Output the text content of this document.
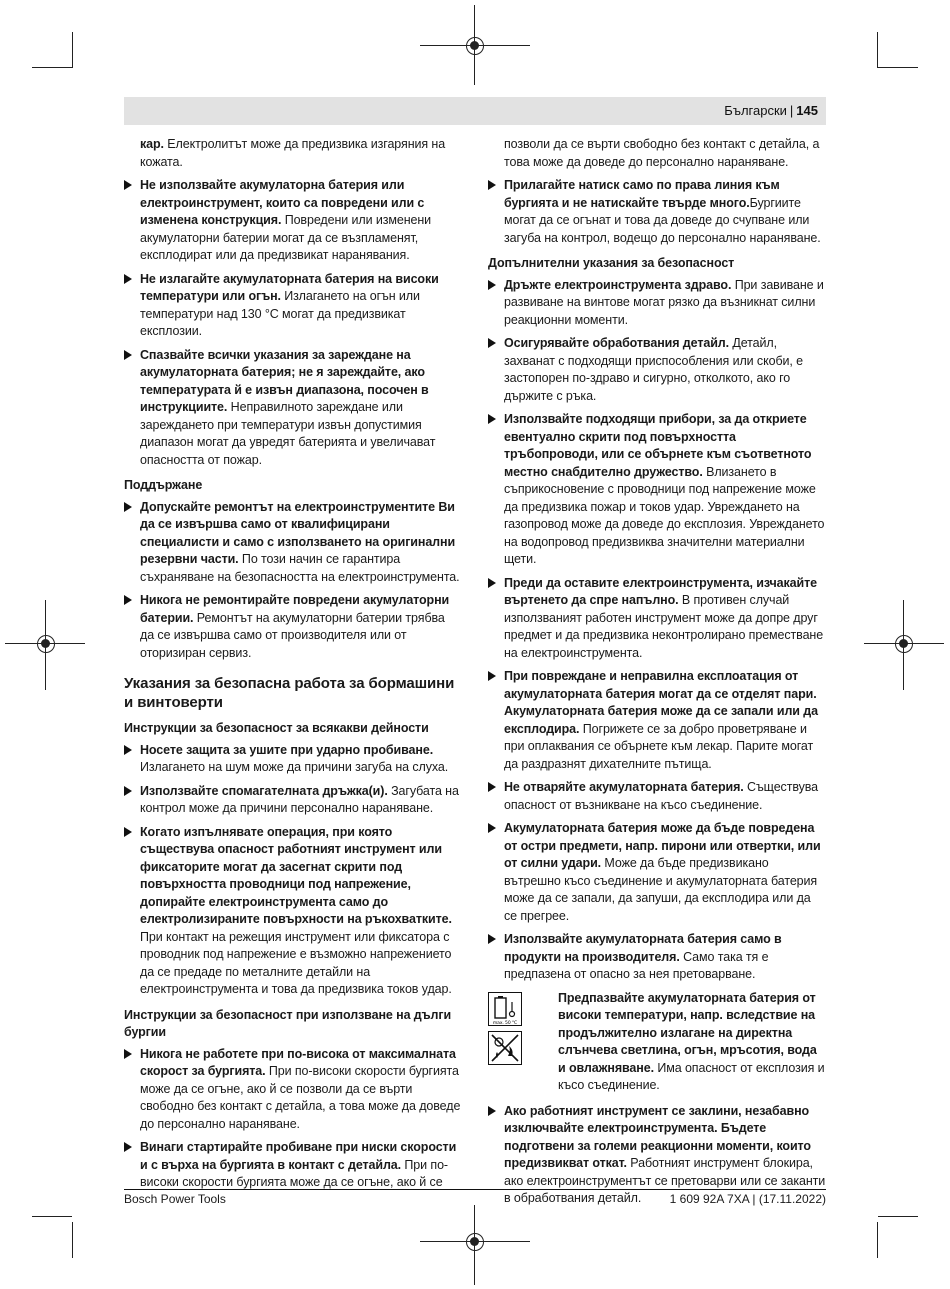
Български | 145
кар. Електролитът може да предизвика изгаряния на кожата.
Не използвайте акумулаторна батерия или електроинструмент, които са повредени или с изменена конструкция. Повредени или изменени акумулаторни батерии могат да се възпламенят, експлодират или да предизвикат наранявания.
Не излагайте акумулаторната батерия на високи температури или огън. Излагането на огън или температури над 130 °C могат да предизвикат експлозии.
Спазвайте всички указания за зареждане на акумулаторната батерия; не я зареждайте, ако температурата й е извън диапазона, посочен в инструкциите. Неправилното зареждане или зареждането при температури извън допустимия диапазон могат да увредят батерията и увеличават опасността от пожар.
Поддържане
Допускайте ремонтът на електроинструментите Ви да се извършва само от квалифицирани специалисти и само с използването на оригинални резервни части. По този начин се гарантира съхраняване на безопасността на електроинструмента.
Никога не ремонтирайте повредени акумулаторни батерии. Ремонтът на акумулаторни батерии трябва да се извършва само от производителя или от оторизиран сервиз.
Указания за безопасна работа за бормашини и винтоверти
Инструкции за безопасност за всякакви дейности
Носете защита за ушите при ударно пробиване. Излагането на шум може да причини загуба на слуха.
Използвайте спомагателната дръжка(и). Загубата на контрол може да причини персонално нараняване.
Когато изпълнявате операция, при която съществува опасност работният инструмент или фиксаторите могат да засегнат скрити под повърхността проводници под напрежение, допирайте електроинструмента само до електролизираните повърхности на ръкохватките. При контакт на режещия инструмент или фиксатора с проводник под напрежение е възможно напрежението да се предаде по металните детайли на електроинструмента и това да предизвика токов удар.
Инструкции за безопасност при използване на дълги бургии
Никога не работете при по-висока от максималната скорост за бургията. При по-високи скорости бургията може да се огъне, ако й се позволи да се върти свободно без контакт с детайла, а това може да доведе до персонално нараняване.
Винаги стартирайте пробиване при ниски скорости и с върха на бургията в контакт с детайла. При по-високи скорости бургията може да се огъне, ако й се
позволи да се върти свободно без контакт с детайла, а това може да доведе до персонално нараняване.
Прилагайте натиск само по права линия към бургията и не натискайте твърде много.Бургиите могат да се огънат и това да доведе до счупване или загуба на контрол, водещо до персонално нараняване.
Допълнителни указания за безопасност
Дръжте електроинструмента здраво. При завиване и развиване на винтове могат рязко да възникнат силни реакционни моменти.
Осигурявайте обработвания детайл. Детайл, захванат с подходящи приспособления или скоби, е застопорен по-здраво и сигурно, отколкото, ако го държите с ръка.
Използвайте подходящи прибори, за да откриете евентуално скрити под повърхността тръбопроводи, или се обърнете към съответното местно снабдително дружество. Влизането в съприкосновение с проводници под напрежение може да предизвика пожар и токов удар. Увреждането на газопровод може да доведе до експлозия. Увреждането на водопровод предизвиква значителни материални щети.
Преди да оставите електроинструмента, изчакайте въртенето да спре напълно. В противен случай използваният работен инструмент може да допре друг предмет и да предизвика неконтролирано преместване на електроинструмента.
При повреждане и неправилна експлоатация от акумулаторната батерия могат да се отделят пари. Акумулаторната батерия може да се запали или да експлодира. Погрижете се за добро проветряване и при оплаквания се обърнете към лекар. Парите могат да раздразнят дихателните пътища.
Не отваряйте акумулаторната батерия. Съществува опасност от възникване на късо съединение.
Акумулаторната батерия може да бъде повредена от остри предмети, напр. пирони или отвертки, или от силни удари. Може да бъде предизвикано вътрешно късо съединение и акумулаторната батерия може да се запали, да запуши, да експлодира или да се прегрее.
Използвайте акумулаторната батерия само в продукти на производителя. Само така тя е предпазена от опасно за нея претоварване.
max. 50 °C
Предпазвайте акумулаторната батерия от високи температури, напр. вследствие на продължително излагане на директна слънчева светлина, огън, мръсотия, вода и овлажняване. Има опасност от експлозия и късо съединение.
Ако работният инструмент се заклини, незабавно изключвайте електроинструмента. Бъдете подготвени за големи реакционни моменти, които предизвикват откат. Работният инструмент блокира, ако електроинструментът се претоварви или се заканти в обработвания детайл.
Bosch Power Tools	1 609 92A 7XA | (17.11.2022)
